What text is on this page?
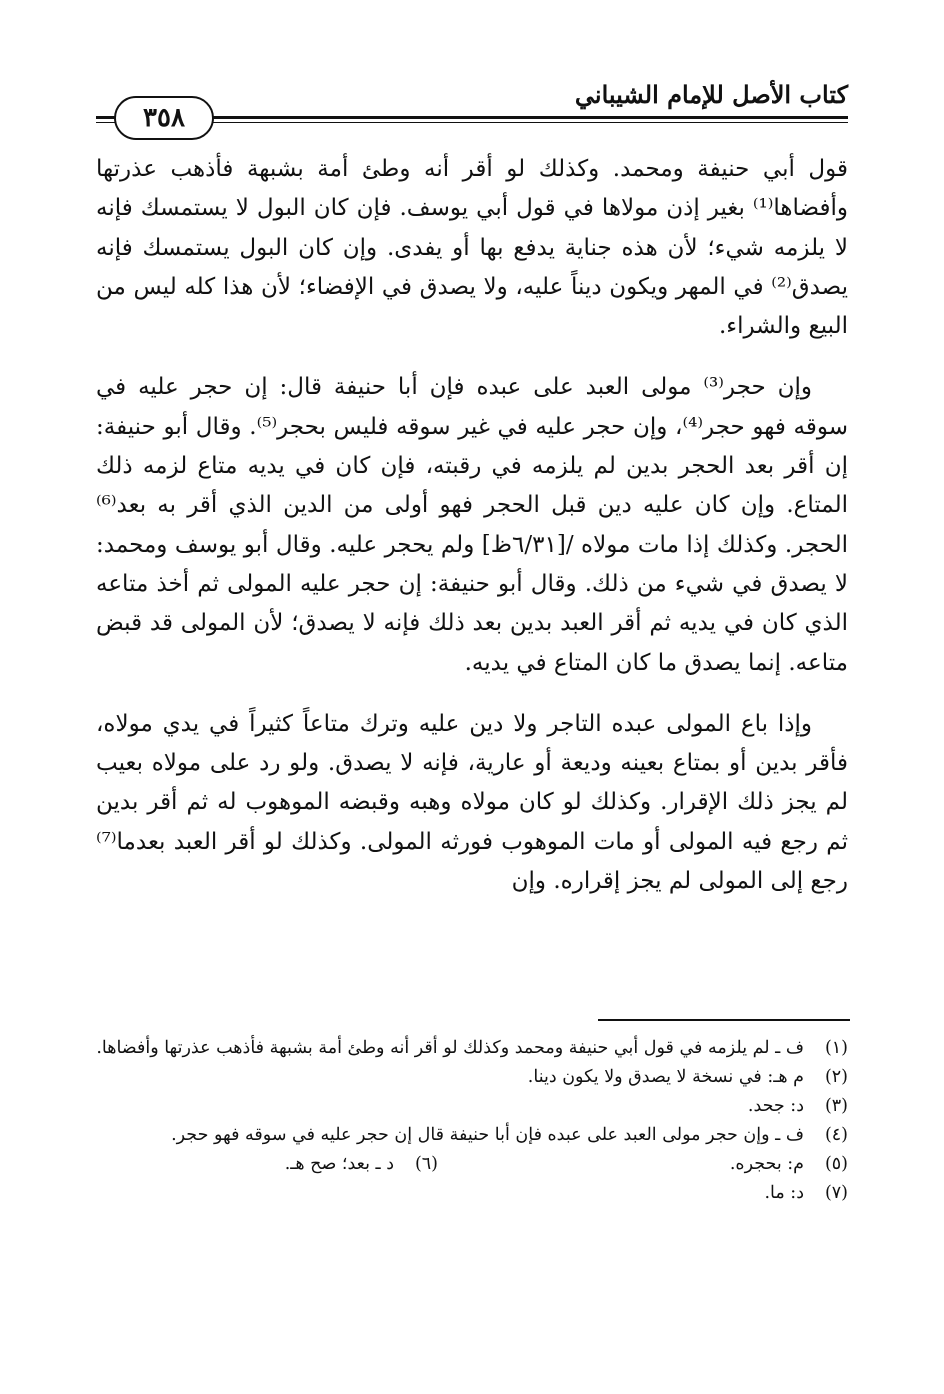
كتاب الأصل للإمام الشيباني
٣٥٨

قول أبي حنيفة ومحمد. وكذلك لو أقر أنه وطئ أمة بشبهة فأذهب عذرتها وأفضاها⁽¹⁾ بغير إذن مولاها في قول أبي يوسف. فإن كان البول لا يستمسك فإنه لا يلزمه شيء؛ لأن هذه جناية يدفع بها أو يفدى. وإن كان البول يستمسك فإنه يصدق⁽²⁾ في المهر ويكون ديناً عليه، ولا يصدق في الإفضاء؛ لأن هذا كله ليس من البيع والشراء.

وإن حجر⁽³⁾ مولى العبد على عبده فإن أبا حنيفة قال: إن حجر عليه في سوقه فهو حجر⁽⁴⁾، وإن حجر عليه في غير سوقه فليس بحجر⁽⁵⁾. وقال أبو حنيفة: إن أقر بعد الحجر بدين لم يلزمه في رقبته، فإن كان في يديه متاع لزمه ذلك المتاع. وإن كان عليه دين قبل الحجر فهو أولى من الدين الذي أقر به بعد⁽⁶⁾ الحجر. وكذلك إذا مات مولاه /[٦/٣١ظ] ولم يحجر عليه. وقال أبو يوسف ومحمد: لا يصدق في شيء من ذلك. وقال أبو حنيفة: إن حجر عليه المولى ثم أخذ متاعه الذي كان في يديه ثم أقر العبد بدين بعد ذلك فإنه لا يصدق؛ لأن المولى قد قبض متاعه. إنما يصدق ما كان المتاع في يديه.

وإذا باع المولى عبده التاجر ولا دين عليه وترك متاعاً كثيراً في يدي مولاه، فأقر بدين أو بمتاع بعينه وديعة أو عارية، فإنه لا يصدق. ولو رد على مولاه بعيب لم يجز ذلك الإقرار. وكذلك لو كان مولاه وهبه وقبضه الموهوب له ثم أقر بدين ثم رجع فيه المولى أو مات الموهوب فورثه المولى. وكذلك لو أقر العبد بعدما⁽⁷⁾ رجع إلى المولى لم يجز إقراره. وإن

(١)
ف ـ لم يلزمه في قول أبي حنيفة ومحمد وكذلك لو أقر أنه وطئ أمة بشبهة فأذهب عذرتها وأفضاها.
(٢)
م هـ: في نسخة لا يصدق ولا يكون دينا.
(٣)
د: جحد.
(٤)
ف ـ وإن حجر مولى العبد على عبده فإن أبا حنيفة قال إن حجر عليه في سوقه فهو حجر.
(٥)
م: بحجره.
(٦)
د ـ بعد؛ صح هـ.
(٧)
د: ما.
